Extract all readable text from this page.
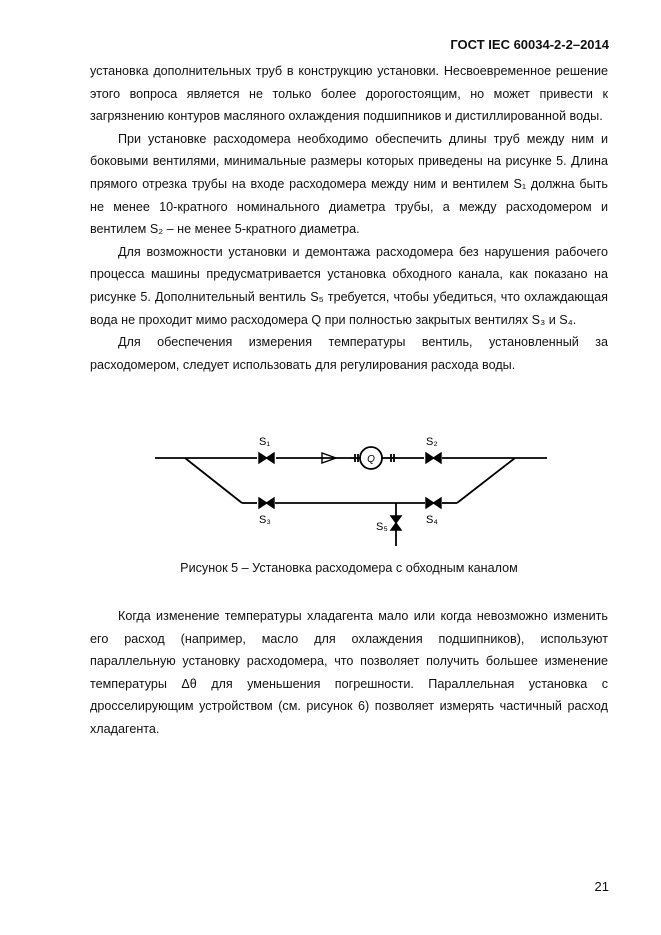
ГОСТ IEC 60034-2-2–2014

установка дополнительных труб в конструкцию установки. Несвоевременное решение этого вопроса является не только более дорогостоящим, но может привести к загрязнению контуров масляного охлаждения подшипников и дистиллированной воды.

При установке расходомера необходимо обеспечить длины труб между ним и боковыми вентилями, минимальные размеры которых приведены на рисунке 5. Длина прямого отрезка трубы на входе расходомера между ним и вентилем S₁ должна быть не менее 10-кратного номинального диаметра трубы, а между расходомером и вентилем S₂ – не менее 5-кратного диаметра.

Для возможности установки и демонтажа расходомера без нарушения рабочего процесса машины предусматривается установка обходного канала, как показано на рисунке 5. Дополнительный вентиль S₅ требуется, чтобы убедиться, что охлаждающая вода не проходит мимо расходомера Q при полностью закрытых вентилях S₃ и S₄.

Для обеспечения измерения температуры вентиль, установленный за расходомером, следует использовать для регулирования расхода воды.

S₁	S₂
S₃	S₄
S₅
Q
Рисунок 5 – Установка расходомера с обходным каналом

Когда изменение температуры хладагента мало или когда невозможно изменить его расход (например, масло для охлаждения подшипников), используют параллельную установку расходомера, что позволяет получить большее изменение температуры Δθ для уменьшения погрешности. Параллельная установка с дросселирующим устройством (см. рисунок 6) позволяет измерять частичный расход хладагента.

21
